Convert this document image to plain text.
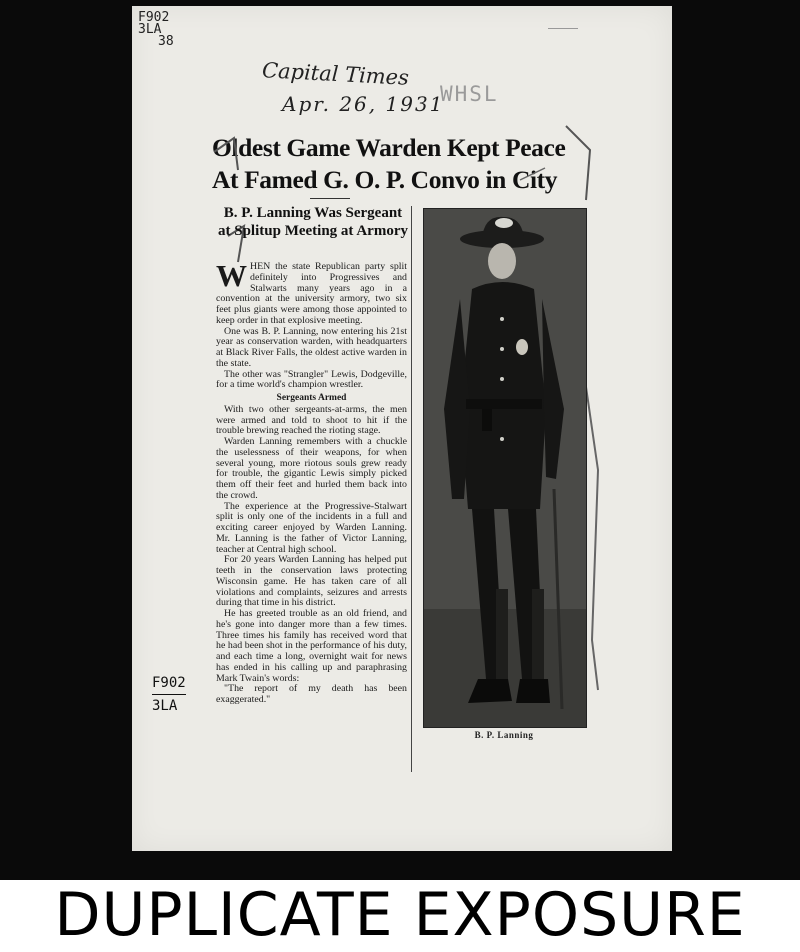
F902
3LA
38
Capital Times
Apr. 26, 1931
WHSL
Oldest Game Warden Kept Peace
At Famed G. O. P. Convo in City
B. P. Lanning Was Sergeant at Splitup Meeting at Armory

WHEN the state Republican party split definitely into Progressives and Stalwarts many years ago in a convention at the university armory, two six feet plus giants were among those appointed to keep order in that explosive meeting.

One was B. P. Lanning, now entering his 21st year as conservation warden, with headquarters at Black River Falls, the oldest active warden in the state.

The other was "Strangler" Lewis, Dodgeville, for a time world's champion wrestler.

Sergeants Armed

With two other sergeants-at-arms, the men were armed and told to shoot to hit if the trouble brewing reached the rioting stage.

Warden Lanning remembers with a chuckle the uselessness of their weapons, for when several young, more riotous souls grew ready for trouble, the gigantic Lewis simply picked them off their feet and hurled them back into the crowd.

The experience at the Progressive-Stalwart split is only one of the incidents in a full and exciting career enjoyed by Warden Lanning. Mr. Lanning is the father of Victor Lanning, teacher at Central high school.

For 20 years Warden Lanning has helped put teeth in the conservation laws protecting Wisconsin game. He has taken care of all violations and complaints, seizures and arrests during that time in his district.

He has greeted trouble as an old friend, and he's gone into danger more than a few times. Three times his family has received word that he had been shot in the performance of his duty, and each time a long, overnight wait for news has ended in his calling up and paraphrasing Mark Twain's words:

"The report of my death has been exaggerated."

B. P. Lanning
F902
3LA
DUPLICATE EXPOSURE
